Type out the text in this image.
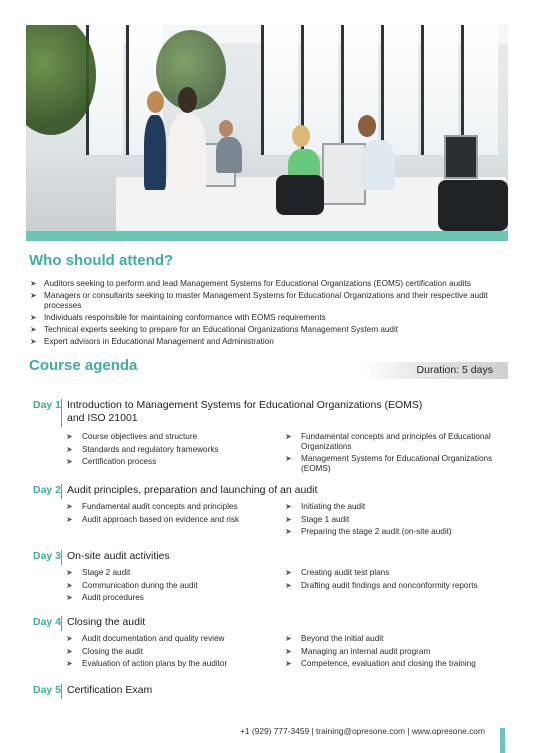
Who should attend?
➤ Auditors seeking to perform and lead Management Systems for Educational Organizations (EOMS) certification audits
➤ Managers or consultants seeking to master Management Systems for Educational Organizations and their respective audit processes
➤ Individuals responsible for maintaining conformance with EOMS requirements
➤ Technical experts seeking to prepare for an Educational Organizations Management System audit
➤ Expert advisors in Educational Management and Administration
Course agenda	Duration: 5 days
Day 1 Introduction to Management Systems for Educational Organizations (EOMS) and ISO 21001
➤ Course objectives and structure
➤ Standards and regulatory frameworks
➤ Certification process
➤ Fundamental concepts and principles of Educational Organizations
➤ Management Systems for Educational Organizations (EOMS)
Day 2 Audit principles, preparation and launching of an audit
➤ Fundamental audit concepts and principles
➤ Audit approach based on evidence and risk
➤ Initiating the audit
➤ Stage 1 audit
➤ Preparing the stage 2 audit (on-site audit)
Day 3 On-site audit activities
➤ Stage 2 audit
➤ Communication during the audit
➤ Audit procedures
➤ Creating audit test plans
➤ Drafting audit findings and nonconformity reports
Day 4 Closing the audit
➤ Audit documentation and quality review
➤ Closing the audit
➤ Evaluation of action plans by the auditor
➤ Beyond the initial audit
➤ Managing an internal audit program
➤ Competence, evaluation and closing the training
Day 5 Certification Exam
+1 (929) 777-3459 | training@opresone.com | www.opresone.com
